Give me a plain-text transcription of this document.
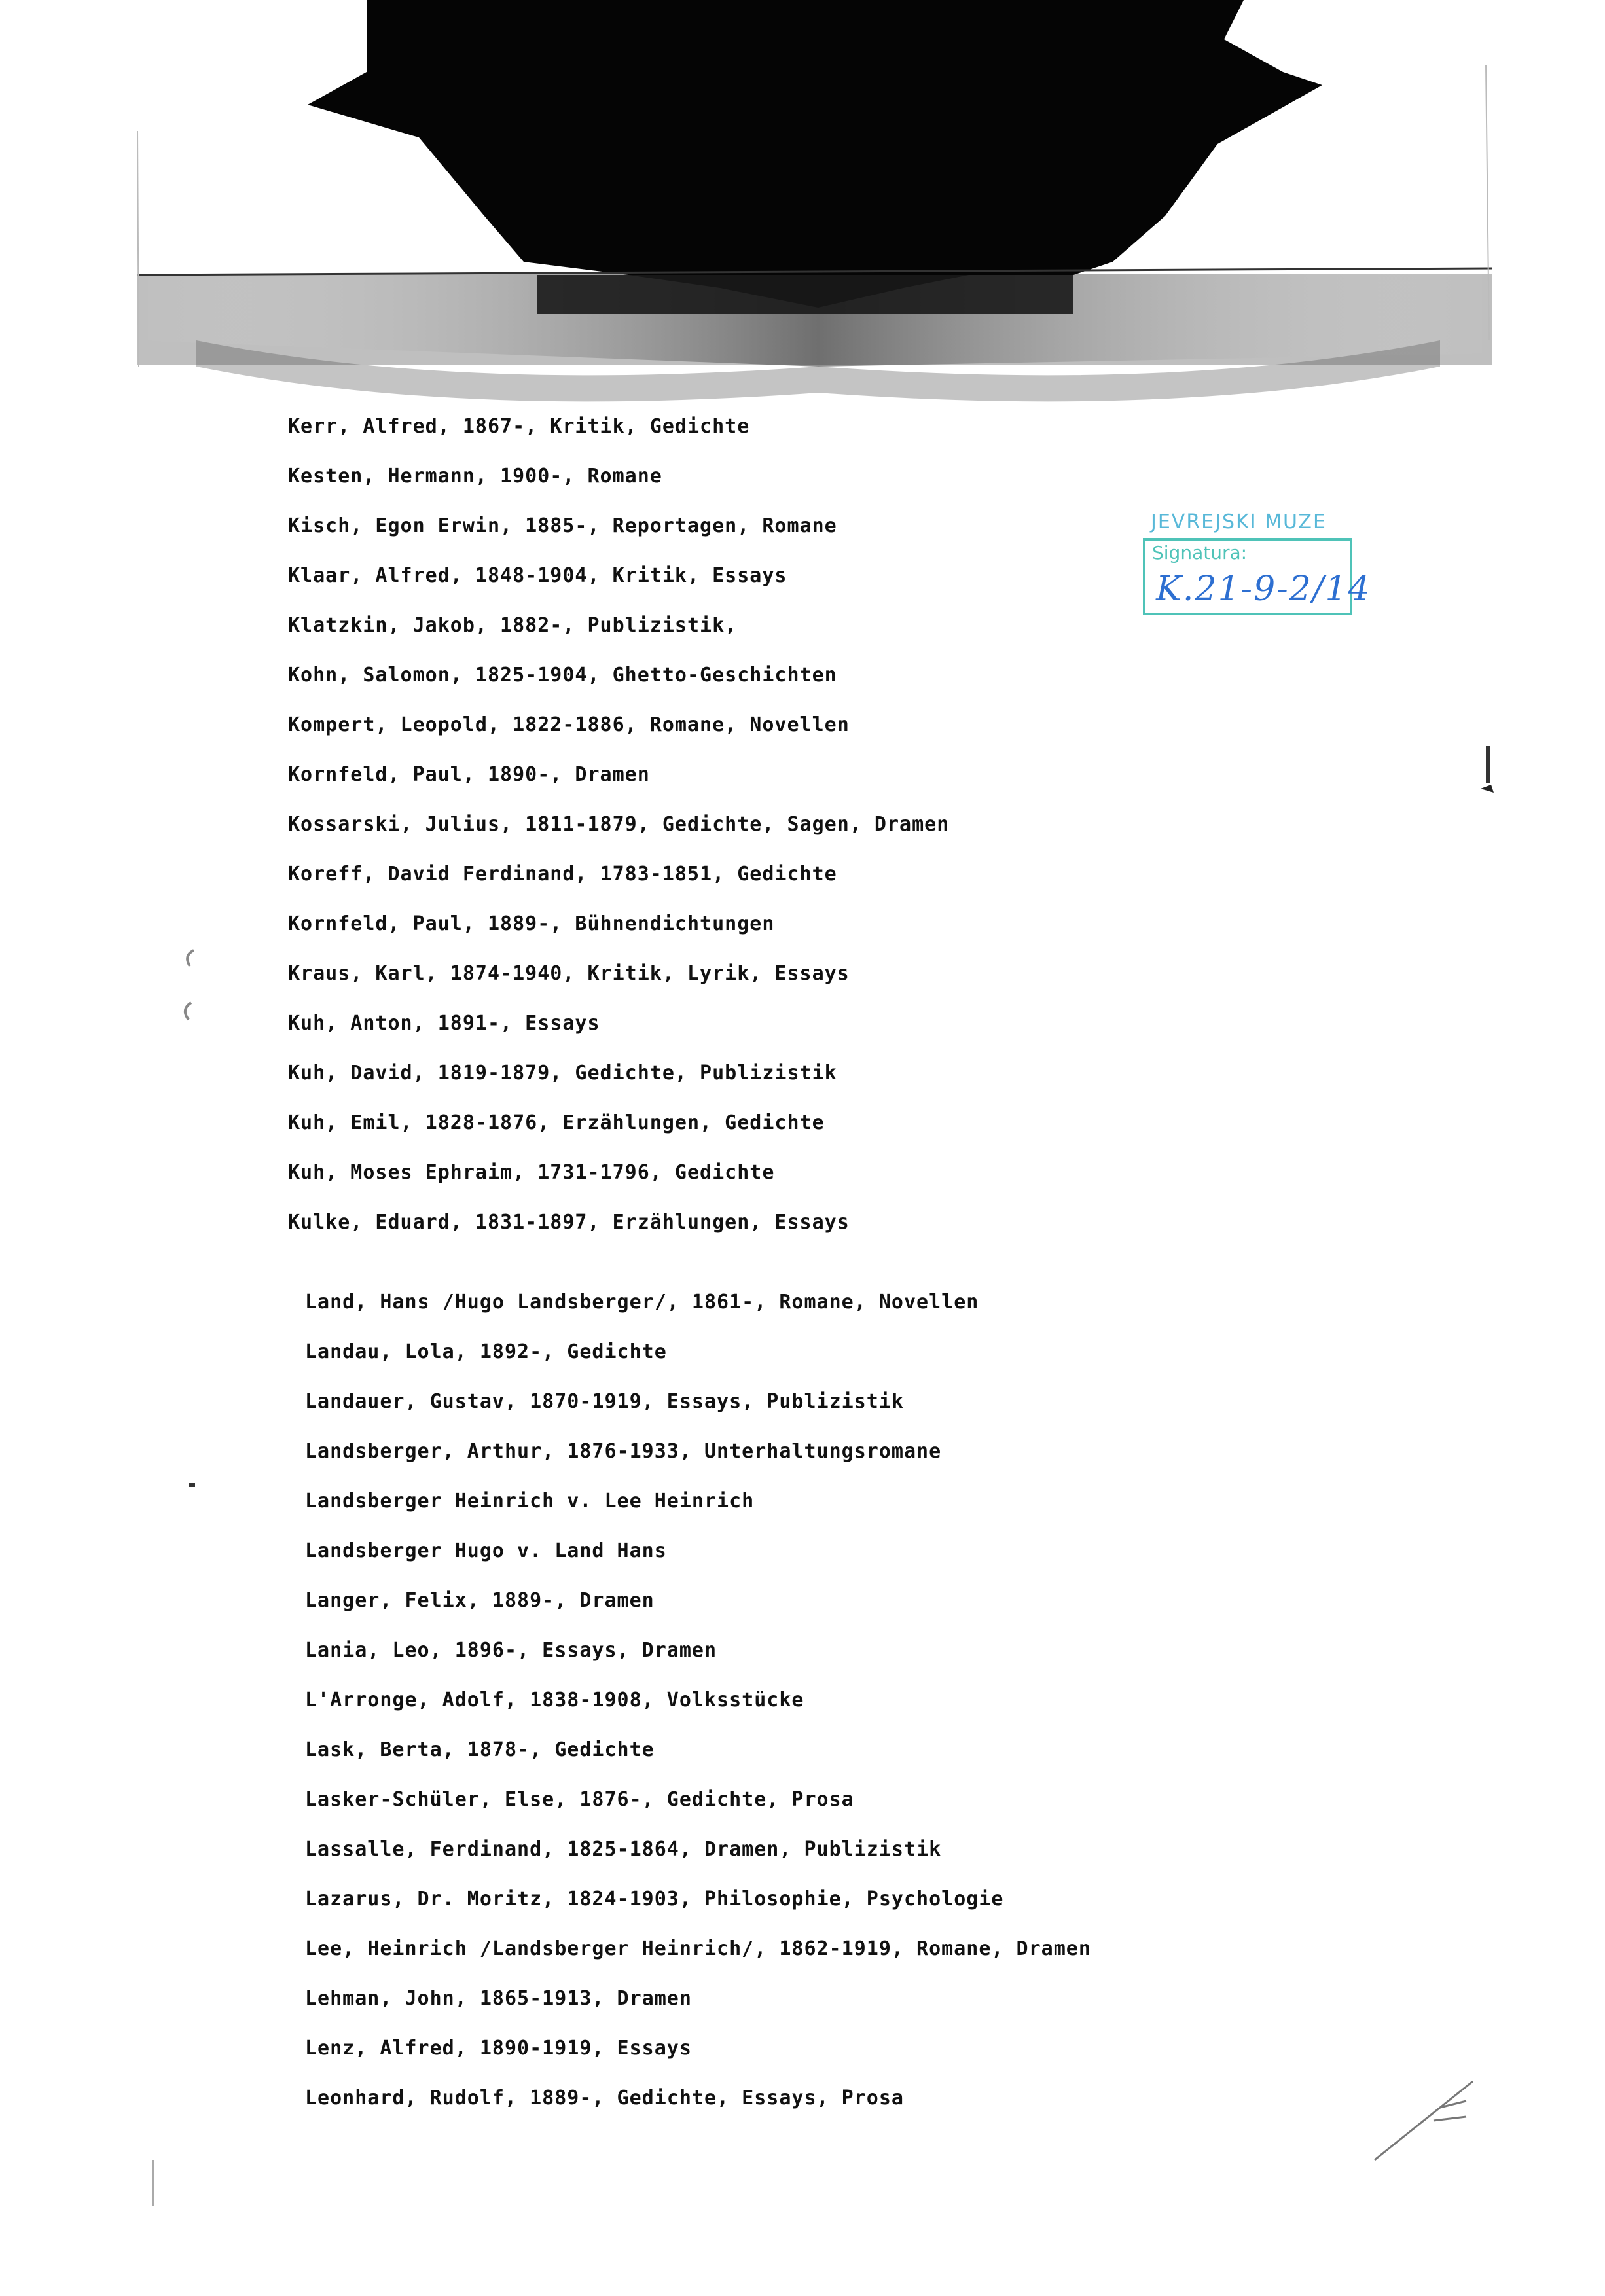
JEVREJSKI MUZE
Signatura:
K.21-9-2/14
Kerr, Alfred, 1867-, Kritik, Gedichte
Kesten, Hermann, 1900-, Romane
Kisch, Egon Erwin, 1885-, Reportagen, Romane
Klaar, Alfred, 1848-1904, Kritik, Essays
Klatzkin, Jakob, 1882-, Publizistik,
Kohn, Salomon, 1825-1904, Ghetto-Geschichten
Kompert, Leopold, 1822-1886, Romane, Novellen
Kornfeld, Paul, 1890-, Dramen
Kossarski, Julius, 1811-1879, Gedichte, Sagen, Dramen
Koreff, David Ferdinand, 1783-1851, Gedichte
Kornfeld, Paul, 1889-, Bühnendichtungen
Kraus, Karl, 1874-1940, Kritik, Lyrik, Essays
Kuh, Anton, 1891-, Essays
Kuh, David, 1819-1879, Gedichte, Publizistik
Kuh, Emil, 1828-1876, Erzählungen, Gedichte
Kuh, Moses Ephraim, 1731-1796, Gedichte
Kulke, Eduard, 1831-1897, Erzählungen, Essays
Land, Hans /Hugo Landsberger/, 1861-, Romane, Novellen
Landau, Lola, 1892-, Gedichte
Landauer, Gustav, 1870-1919, Essays, Publizistik
Landsberger, Arthur, 1876-1933, Unterhaltungsromane
Landsberger Heinrich v. Lee Heinrich
Landsberger Hugo v. Land Hans
Langer, Felix, 1889-, Dramen
Lania, Leo, 1896-, Essays, Dramen
L'Arronge, Adolf, 1838-1908, Volksstücke
Lask, Berta, 1878-, Gedichte
Lasker-Schüler, Else, 1876-, Gedichte, Prosa
Lassalle, Ferdinand, 1825-1864, Dramen, Publizistik
Lazarus, Dr. Moritz, 1824-1903, Philosophie, Psychologie
Lee, Heinrich /Landsberger Heinrich/, 1862-1919, Romane, Dramen
Lehman, John, 1865-1913, Dramen
Lenz, Alfred, 1890-1919, Essays
Leonhard, Rudolf, 1889-, Gedichte, Essays, Prosa
